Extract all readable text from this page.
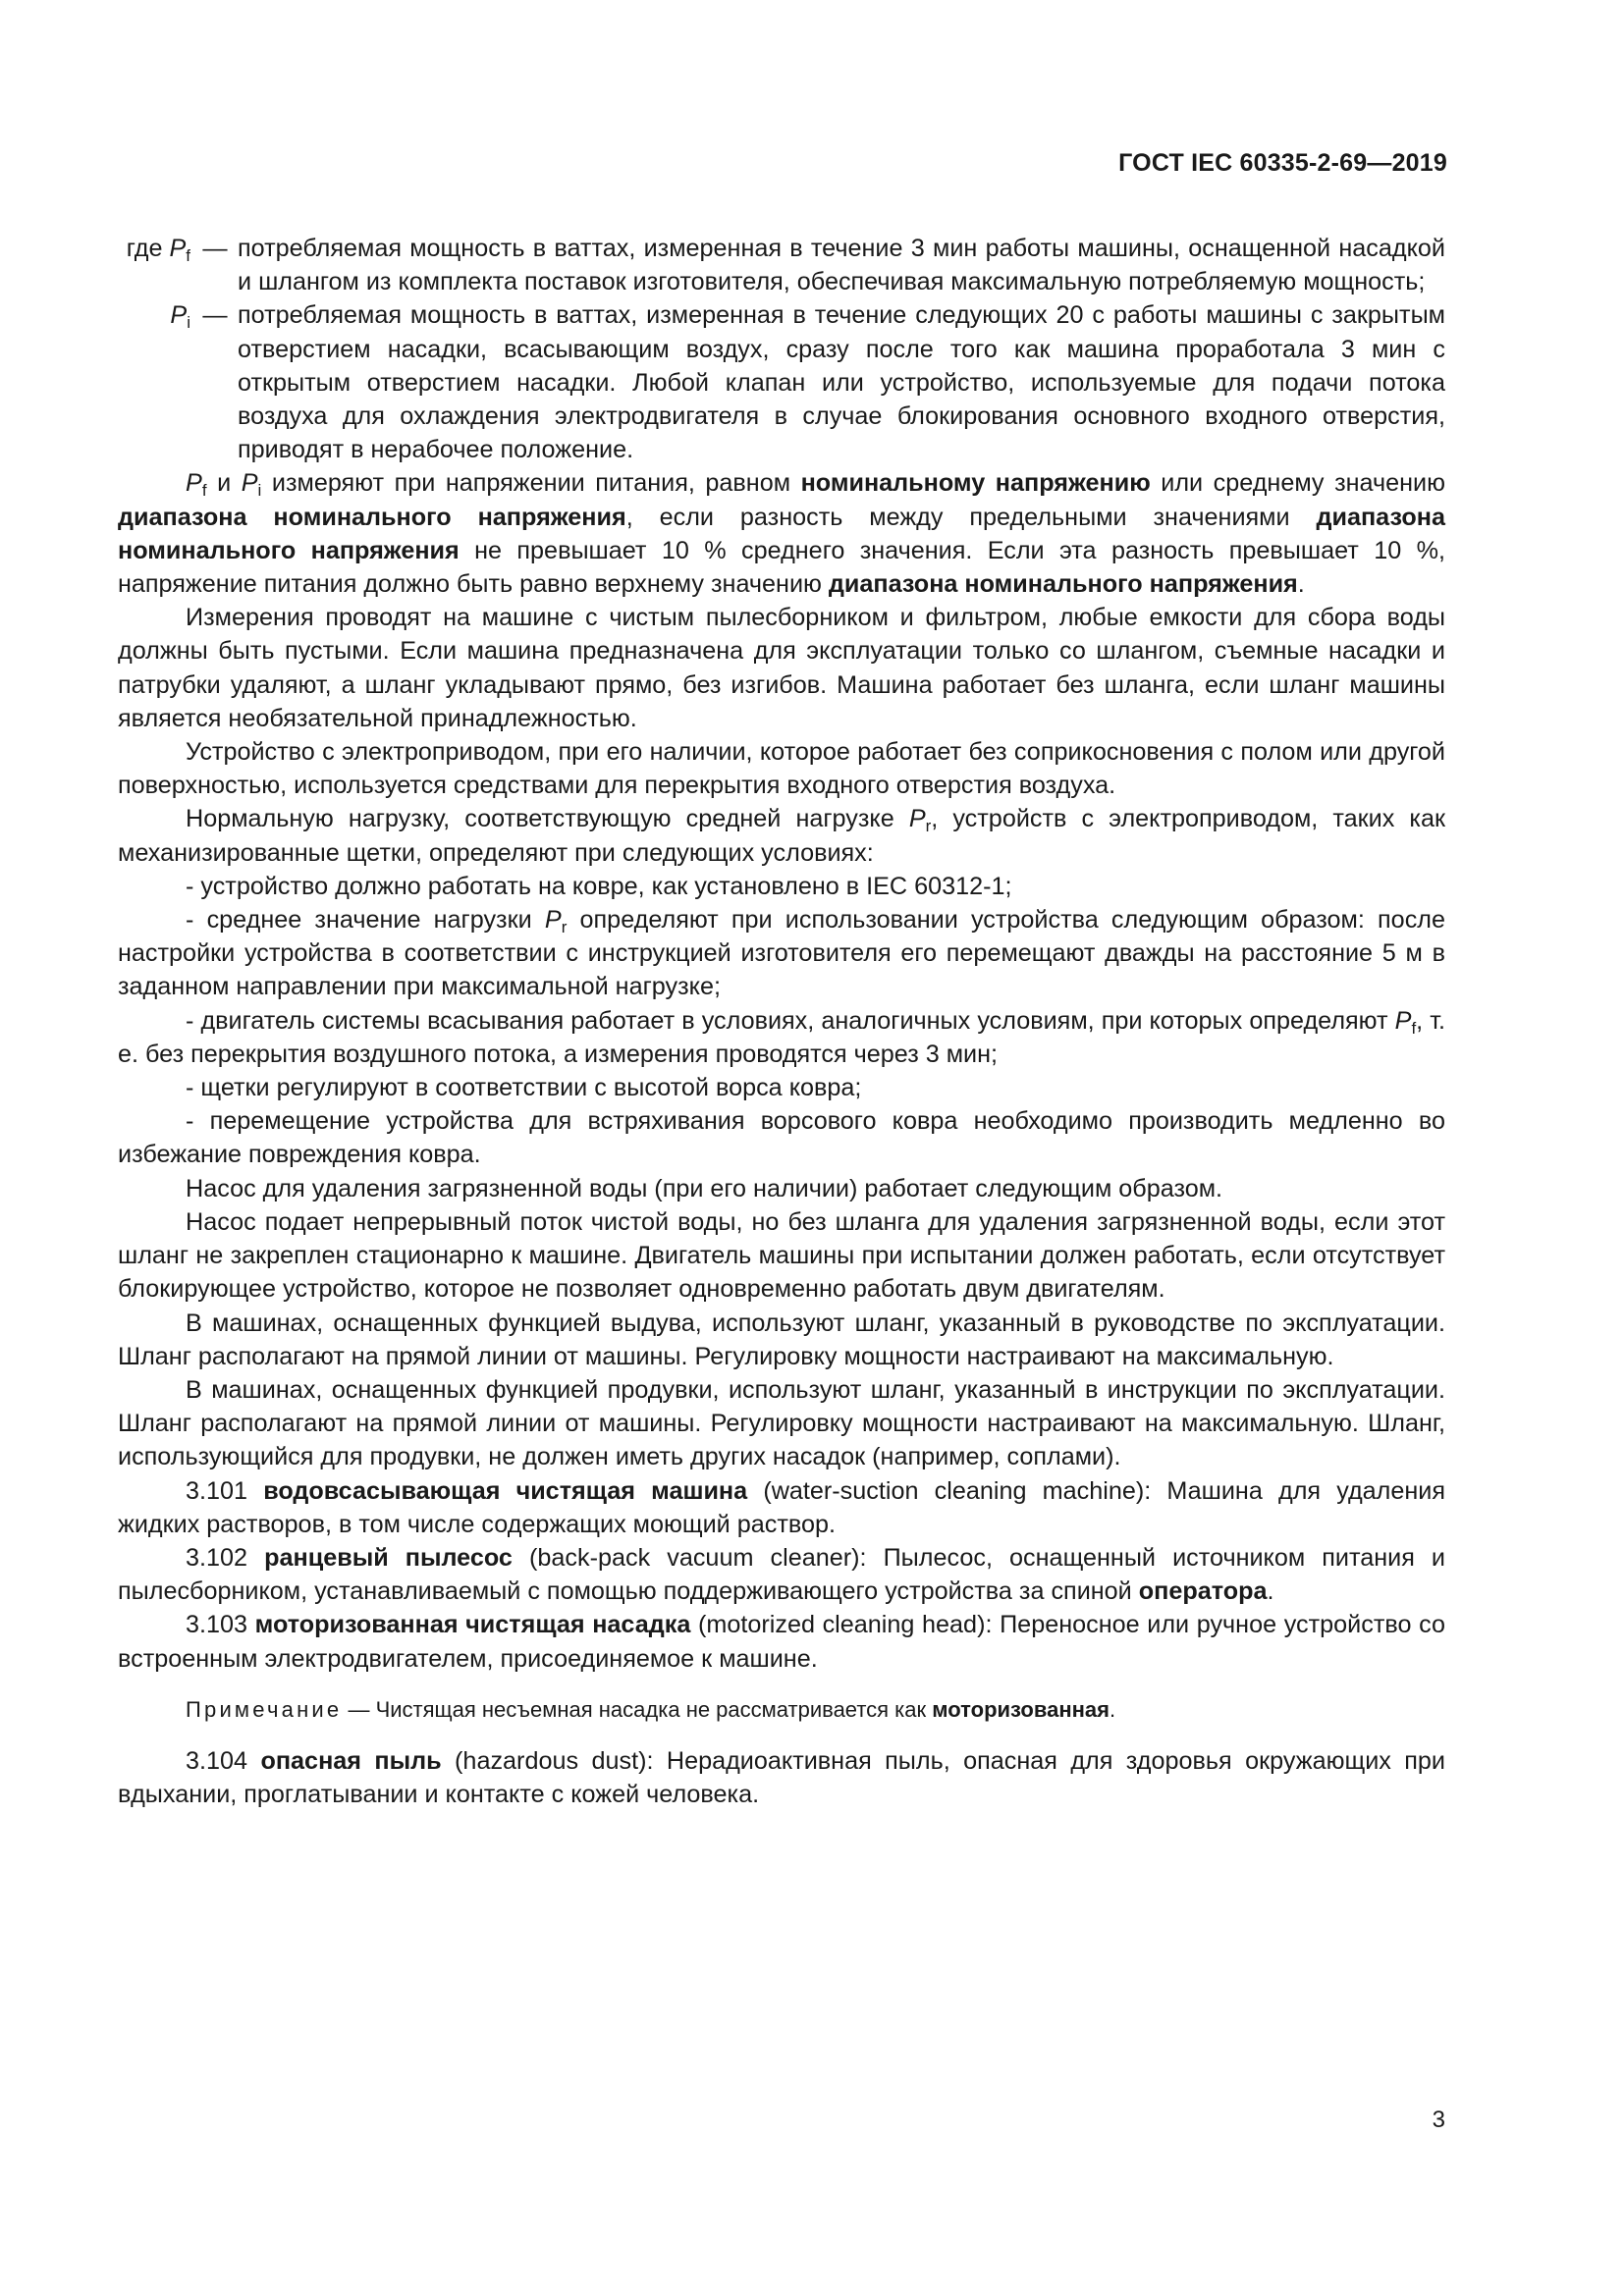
ГОСТ IEC 60335-2-69—2019
где $P_f$ — потребляемая мощность в ваттах, измеренная в течение 3 мин работы машины, оснащенной насадкой и шлангом из комплекта поставок изготовителя, обеспечивая максимальную потребляемую мощность;
$P_i$ — потребляемая мощность в ваттах, измеренная в течение следующих 20 с работы машины с закрытым отверстием насадки, всасывающим воздух, сразу после того как машина проработала 3 мин с открытым отверстием насадки. Любой клапан или устройство, используемые для подачи потока воздуха для охлаждения электродвигателя в случае блокирования основного входного отверстия, приводят в нерабочее положение.

$P_f$ и $P_i$ измеряют при напряжении питания, равном номинальному напряжению или среднему значению диапазона номинального напряжения, если разность между предельными значениями диапазона номинального напряжения не превышает 10 % среднего значения. Если эта разность превышает 10 %, напряжение питания должно быть равно верхнему значению диапазона номинального напряжения.

Измерения проводят на машине с чистым пылесборником и фильтром, любые емкости для сбора воды должны быть пустыми. Если машина предназначена для эксплуатации только со шлангом, съемные насадки и патрубки удаляют, а шланг укладывают прямо, без изгибов. Машина работает без шланга, если шланг машины является необязательной принадлежностью.

Устройство с электроприводом, при его наличии, которое работает без соприкосновения с полом или другой поверхностью, используется средствами для перекрытия входного отверстия воздуха.

Нормальную нагрузку, соответствующую средней нагрузке $P_r$, устройств с электроприводом, таких как механизированные щетки, определяют при следующих условиях:

- устройство должно работать на ковре, как установлено в IEC 60312-1;

- среднее значение нагрузки $P_r$ определяют при использовании устройства следующим образом: после настройки устройства в соответствии с инструкцией изготовителя его перемещают дважды на расстояние 5 м в заданном направлении при максимальной нагрузке;

- двигатель системы всасывания работает в условиях, аналогичных условиям, при которых определяют $P_f$, т. е. без перекрытия воздушного потока, а измерения проводятся через 3 мин;

- щетки регулируют в соответствии с высотой ворса ковра;

- перемещение устройства для встряхивания ворсового ковра необходимо производить медленно во избежание повреждения ковра.

Насос для удаления загрязненной воды (при его наличии) работает следующим образом.

Насос подает непрерывный поток чистой воды, но без шланга для удаления загрязненной воды, если этот шланг не закреплен стационарно к машине. Двигатель машины при испытании должен работать, если отсутствует блокирующее устройство, которое не позволяет одновременно работать двум двигателям.

В машинах, оснащенных функцией выдува, используют шланг, указанный в руководстве по эксплуатации. Шланг располагают на прямой линии от машины. Регулировку мощности настраивают на максимальную.

В машинах, оснащенных функцией продувки, используют шланг, указанный в инструкции по эксплуатации. Шланг располагают на прямой линии от машины. Регулировку мощности настраивают на максимальную. Шланг, использующийся для продувки, не должен иметь других насадок (например, соплами).

3.101 водовсасывающая чистящая машина (water-suction cleaning machine): Машина для удаления жидких растворов, в том числе содержащих моющий раствор.

3.102 ранцевый пылесос (back-pack vacuum cleaner): Пылесос, оснащенный источником питания и пылесборником, устанавливаемый с помощью поддерживающего устройства за спиной оператора.

3.103 моторизованная чистящая насадка (motorized cleaning head): Переносное или ручное устройство со встроенным электродвигателем, присоединяемое к машине.

Примечание — Чистящая несъемная насадка не рассматривается как моторизованная.

3.104 опасная пыль (hazardous dust): Нерадиоактивная пыль, опасная для здоровья окружающих при вдыхании, проглатывании и контакте с кожей человека.

3
